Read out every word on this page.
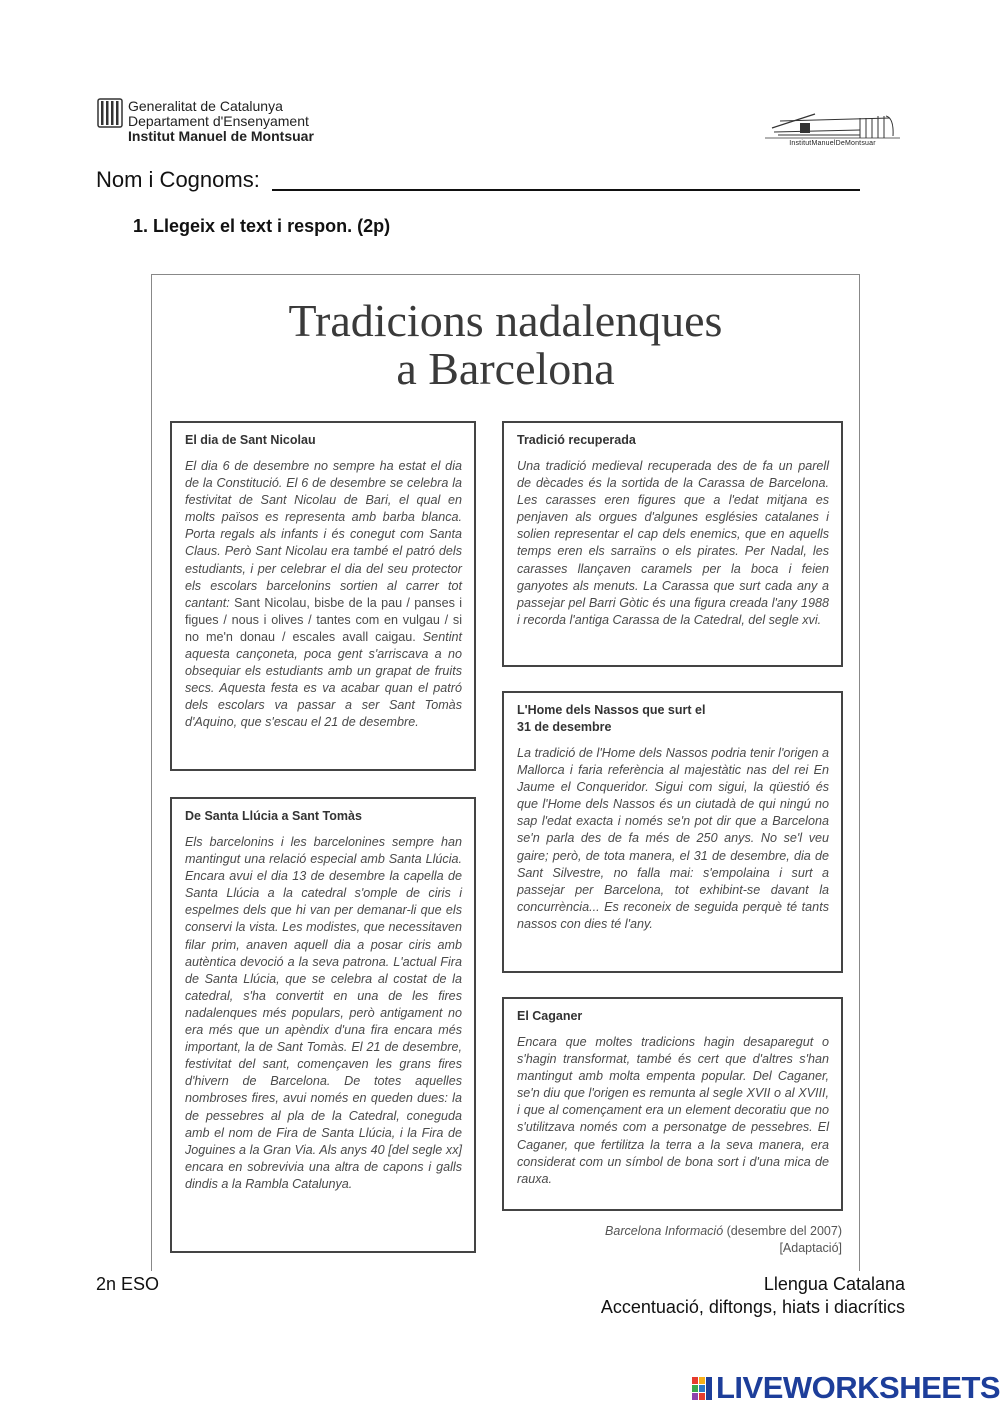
Generalitat de Catalunya
Departament d'Ensenyament
Institut Manuel de Montsuar	InstitutManuelDeMontsuar
Nom i Cognoms:
1. Llegeix el text i respon. (2p)
Tradicions nadalenques
a Barcelona
El dia de Sant Nicolau

El dia 6 de desembre no sempre ha estat el dia de la Constitució. El 6 de desembre se celebra la festivitat de Sant Nicolau de Bari, el qual en molts països es representa amb barba blanca. Porta regals als infants i és conegut com Santa Claus. Però Sant Nicolau era també el patró dels estudiants, i per celebrar el dia del seu protector els escolars barcelonins sortien al carrer tot cantant: Sant Nicolau, bisbe de la pau / panses i figues / nous i olives / tantes com en vulgau / si no me'n donau / escales avall caigau. Sentint aquesta cançoneta, poca gent s'arriscava a no obsequiar els estudiants amb un grapat de fruits secs. Aquesta festa es va acabar quan el patró dels escolars va passar a ser Sant Tomàs d'Aquino, que s'escau el 21 de desembre.

De Santa Llúcia a Sant Tomàs

Els barcelonins i les barcelonines sempre han mantingut una relació especial amb Santa Llúcia. Encara avui el dia 13 de desembre la capella de Santa Llúcia a la catedral s'omple de ciris i espelmes dels que hi van per demanar-li que els conservi la vista. Les modistes, que necessitaven filar prim, anaven aquell dia a posar ciris amb autèntica devoció a la seva patrona. L'actual Fira de Santa Llúcia, que se celebra al costat de la catedral, s'ha convertit en una de les fires nadalenques més populars, però antigament no era més que un apèndix d'una fira encara més important, la de Sant Tomàs. El 21 de desembre, festivitat del sant, començaven les grans fires d'hivern de Barcelona. De totes aquelles nombroses fires, avui només en queden dues: la de pessebres al pla de la Catedral, coneguda amb el nom de Fira de Santa Llúcia, i la Fira de Joguines a la Gran Via. Als anys 40 [del segle xx] encara en sobrevivia una altra de capons i galls dindis a la Rambla Catalunya.

Tradició recuperada

Una tradició medieval recuperada des de fa un parell de dècades és la sortida de la Carassa de Barcelona. Les carasses eren figures que a l'edat mitjana es penjaven als orgues d'algunes esglésies catalanes i solien representar el cap dels enemics, que en aquells temps eren els sarraïns o els pirates. Per Nadal, les carasses llançaven caramels per la boca i feien ganyotes als menuts. La Carassa que surt cada any a passejar pel Barri Gòtic és una figura creada l'any 1988 i recorda l'antiga Carassa de la Catedral, del segle xvi.

L'Home dels Nassos que surt el 31 de desembre

La tradició de l'Home dels Nassos podria tenir l'origen a Mallorca i faria referència al majestàtic nas del rei En Jaume el Conqueridor. Sigui com sigui, la qüestió és que l'Home dels Nassos és un ciutadà de qui ningú no sap l'edat exacta i només se'n pot dir que a Barcelona se'n parla des de fa més de 250 anys. No se'l veu gaire; però, de tota manera, el 31 de desembre, dia de Sant Silvestre, no falla mai: s'empolaina i surt a passejar per Barcelona, tot exhibint-se davant la concurrència... Es reconeix de seguida perquè té tants nassos con dies té l'any.

El Caganer

Encara que moltes tradicions hagin desaparegut o s'hagin transformat, també és cert que d'altres s'han mantingut amb molta empenta popular. Del Caganer, se'n diu que l'origen es remunta al segle XVII o al XVIII, i que al començament era un element decoratiu que no s'utilitzava només com a personatge de pessebres. El Caganer, que fertilitza la terra a la seva manera, era considerat com un símbol de bona sort i d'una mica de rauxa.

Barcelona Informació (desembre del 2007)
[Adaptació]
2n ESO	Llengua Catalana
Accentuació, diftongs, hiats i diacrítics
LIVEWORKSHEETS
